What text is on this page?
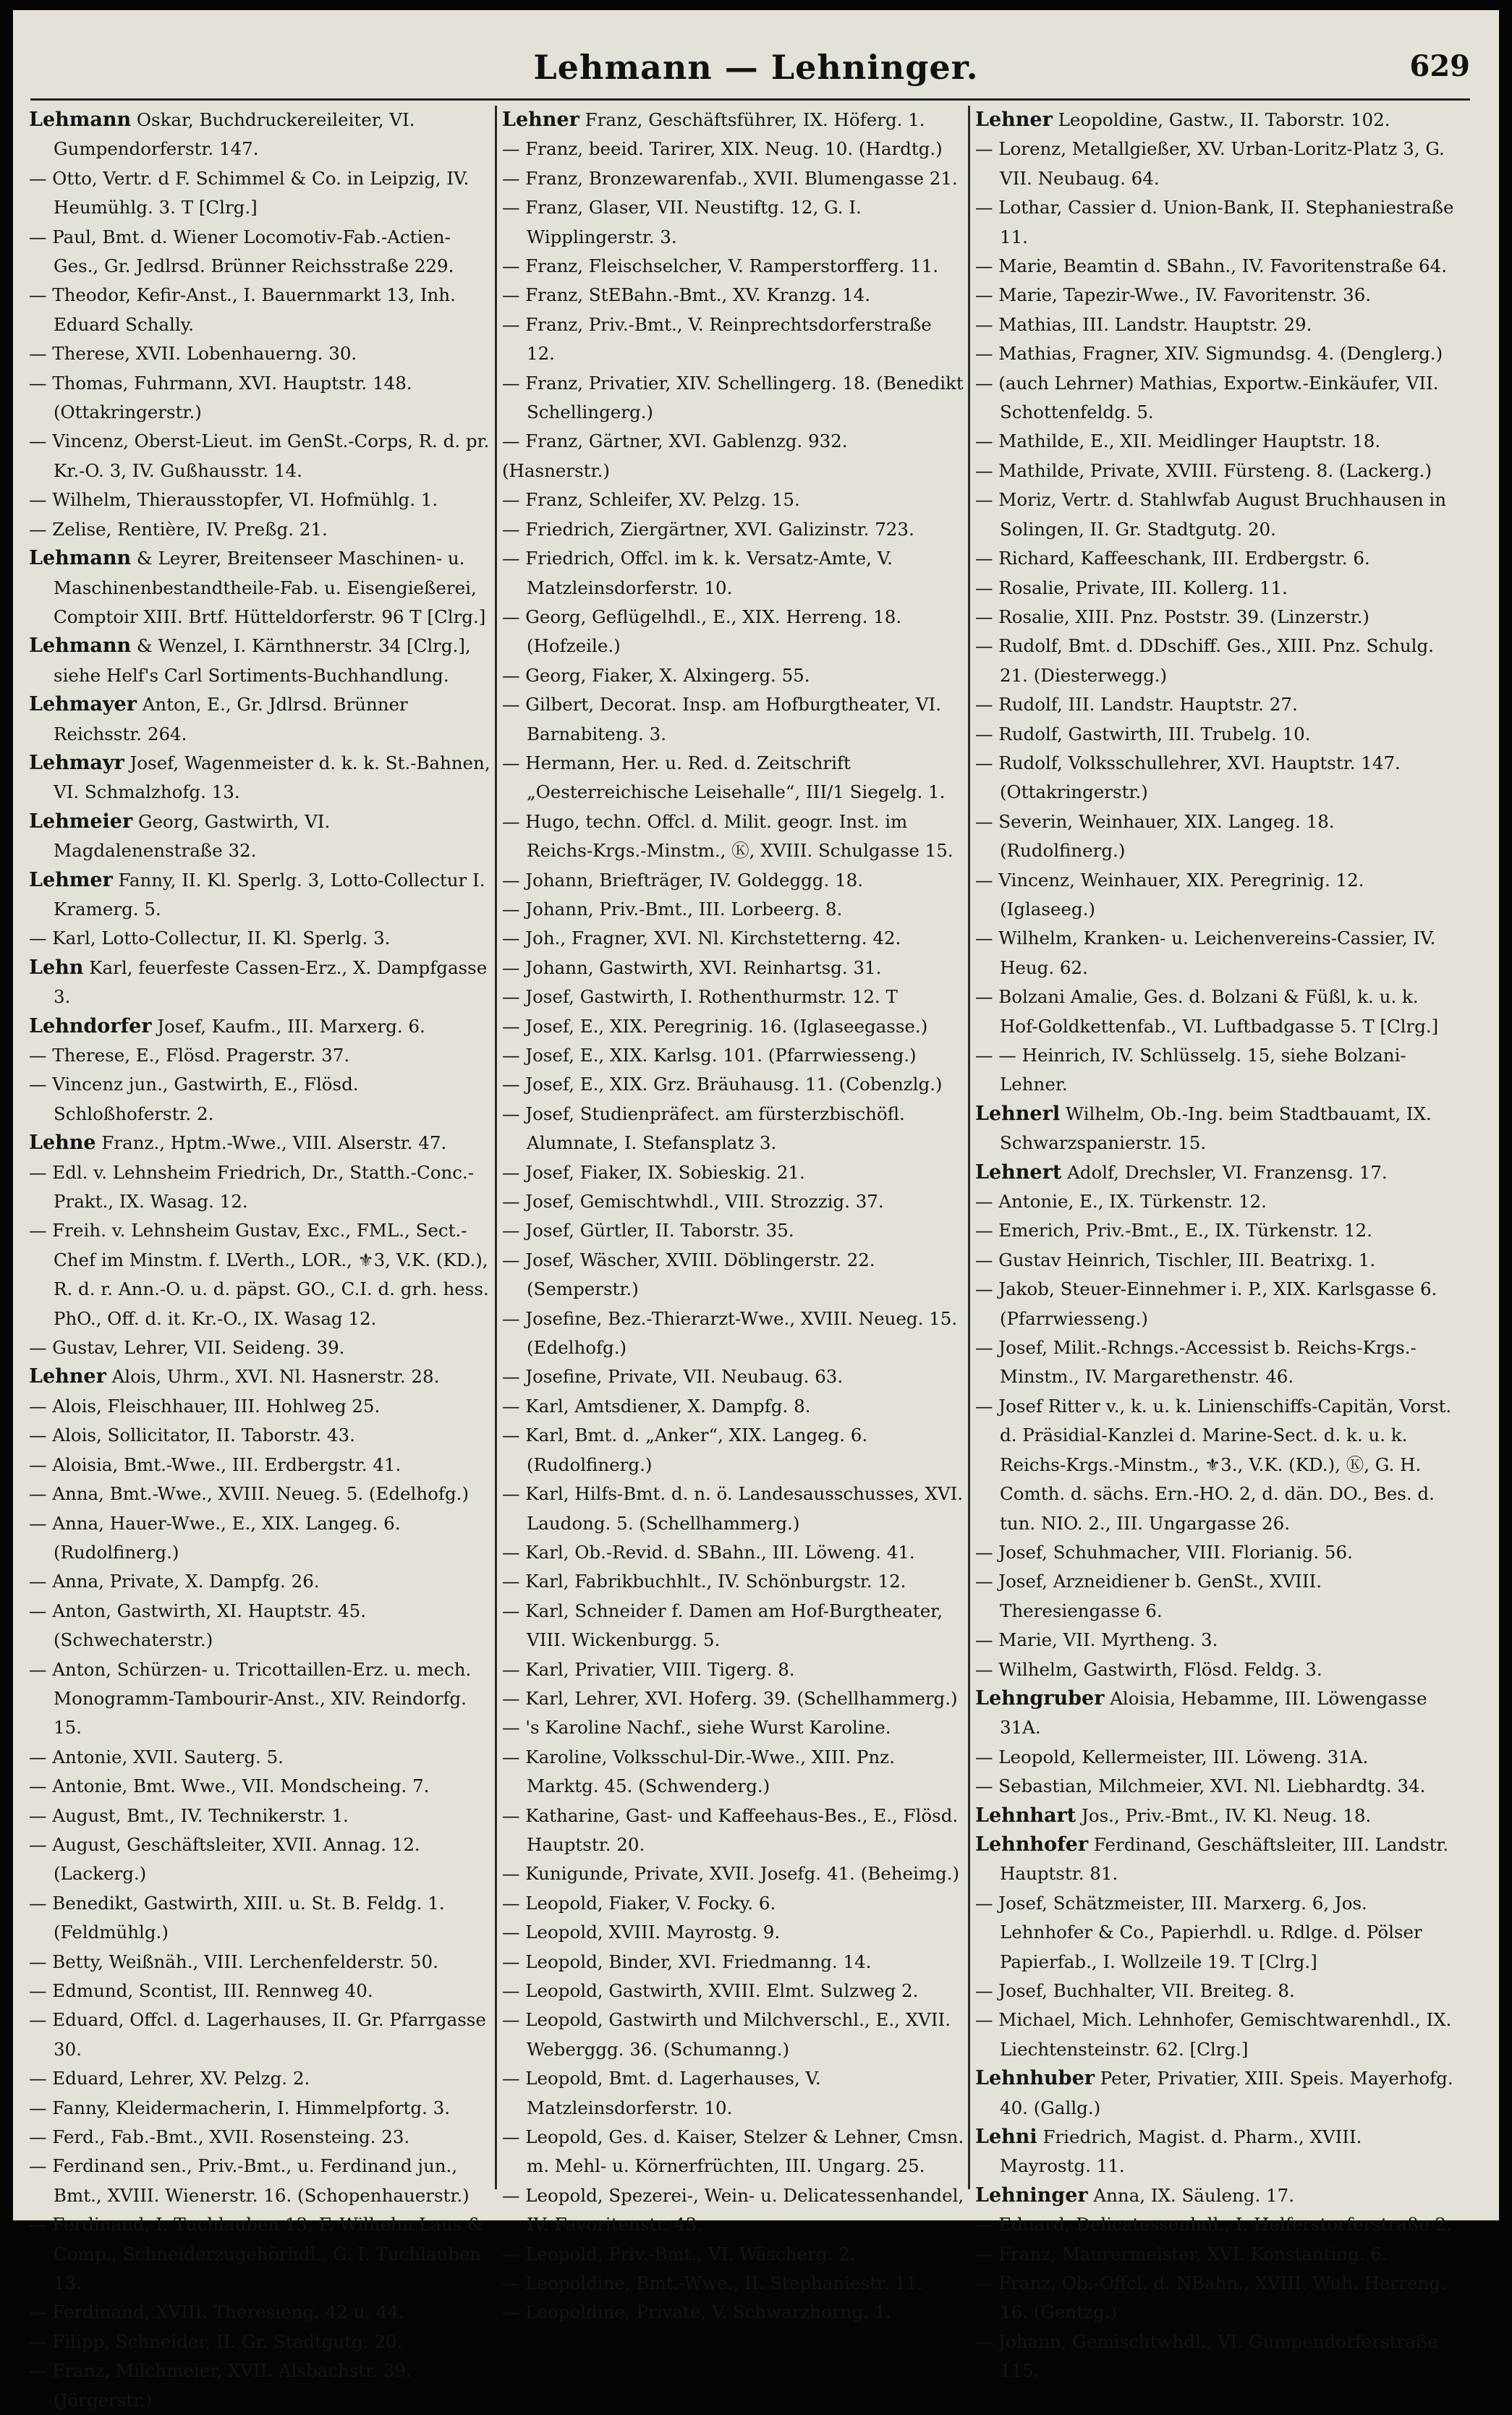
Lehmann — Lehninger.	629

Lehmann Oskar, Buchdruckereileiter, VI. Gumpendorferstr. 147.

— Otto, Vertr. d F. Schimmel & Co. in Leipzig, IV. Heumühlg. 3. T [Clrg.]

— Paul, Bmt. d. Wiener Locomotiv-Fab.-Actien-Ges., Gr. Jedlrsd. Brünner Reichsstraße 229.

— Theodor, Kefir-Anst., I. Bauernmarkt 13, Inh. Eduard Schally.

— Therese, XVII. Lobenhauerng. 30.

— Thomas, Fuhrmann, XVI. Hauptstr. 148. (Ottakringerstr.)

— Vincenz, Oberst-Lieut. im GenSt.-Corps, R. d. pr. Kr.-O. 3, IV. Gußhausstr. 14.

— Wilhelm, Thierausstopfer, VI. Hofmühlg. 1.

— Zelise, Rentière, IV. Preßg. 21.

Lehmann & Leyrer, Breitenseer Maschinen- u. Maschinenbestandtheile-Fab. u. Eisengießerei, Comptoir XIII. Brtf. Hütteldorferstr. 96 T [Clrg.]

Lehmann & Wenzel, I. Kärnthnerstr. 34 [Clrg.], siehe Helf's Carl Sortiments-Buchhandlung.

Lehmayer Anton, E., Gr. Jdlrsd. Brünner Reichsstr. 264.

Lehmayr Josef, Wagenmeister d. k. k. St.-Bahnen, VI. Schmalzhofg. 13.

Lehmeier Georg, Gastwirth, VI. Magdalenenstraße 32.

Lehmer Fanny, II. Kl. Sperlg. 3, Lotto-Collectur I. Kramerg. 5.

— Karl, Lotto-Collectur, II. Kl. Sperlg. 3.

Lehn Karl, feuerfeste Cassen-Erz., X. Dampfgasse 3.

Lehndorfer Josef, Kaufm., III. Marxerg. 6.

— Therese, E., Flösd. Pragerstr. 37.

— Vincenz jun., Gastwirth, E., Flösd. Schloßhoferstr. 2.

Lehne Franz., Hptm.-Wwe., VIII. Alserstr. 47.

— Edl. v. Lehnsheim Friedrich, Dr., Statth.-Conc.-Prakt., IX. Wasag. 12.

— Freih. v. Lehnsheim Gustav, Exc., FML., Sect.-Chef im Minstm. f. LVerth., LOR., ⚜3, V.K. (KD.), R. d. r. Ann.-O. u. d. päpst. GO., C.I. d. grh. hess. PhO., Off. d. it. Kr.-O., IX. Wasag 12.

— Gustav, Lehrer, VII. Seideng. 39.

Lehner Alois, Uhrm., XVI. Nl. Hasnerstr. 28.

— Alois, Fleischhauer, III. Hohlweg 25.

— Alois, Sollicitator, II. Taborstr. 43.

— Aloisia, Bmt.-Wwe., III. Erdbergstr. 41.

— Anna, Bmt.-Wwe., XVIII. Neueg. 5. (Edelhofg.)

— Anna, Hauer-Wwe., E., XIX. Langeg. 6. (Rudolfinerg.)

— Anna, Private, X. Dampfg. 26.

— Anton, Gastwirth, XI. Hauptstr. 45. (Schwechaterstr.)

— Anton, Schürzen- u. Tricottaillen-Erz. u. mech. Monogramm-Tambourir-Anst., XIV. Reindorfg. 15.

— Antonie, XVII. Sauterg. 5.

— Antonie, Bmt. Wwe., VII. Mondscheing. 7.

— August, Bmt., IV. Technikerstr. 1.

— August, Geschäftsleiter, XVII. Annag. 12. (Lackerg.)

— Benedikt, Gastwirth, XIII. u. St. B. Feldg. 1. (Feldmühlg.)

— Betty, Weißnäh., VIII. Lerchenfelderstr. 50.

— Edmund, Scontist, III. Rennweg 40.

— Eduard, Offcl. d. Lagerhauses, II. Gr. Pfarrgasse 30.

— Eduard, Lehrer, XV. Pelzg. 2.

— Fanny, Kleidermacherin, I. Himmelpfortg. 3.

— Ferd., Fab.-Bmt., XVII. Rosensteing. 23.

— Ferdinand sen., Priv.-Bmt., u. Ferdinand jun., Bmt., XVIII. Wienerstr. 16. (Schopenhauerstr.)

— Ferdinand, I. Tuchlauben 13, F. Wilhelm Laus & Comp., Schneiderzugehörhdl., G. I. Tuchlauben 13.

— Ferdinand, XVIII. Theresieng. 42 u. 44.

— Filipp, Schneider, II. Gr. Stadtgutg. 20.

— Franz, Milchmeier, XVII. Alsbachstr. 39. (Jörgerstr.)

Lehner Franz, Geschäftsführer, IX. Höferg. 1.

— Franz, beeid. Tarirer, XIX. Neug. 10. (Hardtg.)

— Franz, Bronzewarenfab., XVII. Blumengasse 21.

— Franz, Glaser, VII. Neustiftg. 12, G. I. Wipplingerstr. 3.

— Franz, Fleischselcher, V. Ramperstorfferg. 11.

— Franz, StEBahn.-Bmt., XV. Kranzg. 14.

— Franz, Priv.-Bmt., V. Reinprechtsdorferstraße 12.

— Franz, Privatier, XIV. Schellingerg. 18. (Benedikt Schellingerg.)

— Franz, Gärtner, XVI. Gablenzg. 932.

(Hasnerstr.)

— Franz, Schleifer, XV. Pelzg. 15.

— Friedrich, Ziergärtner, XVI. Galizinstr. 723.

— Friedrich, Offcl. im k. k. Versatz-Amte, V. Matzleinsdorferstr. 10.

— Georg, Geflügelhdl., E., XIX. Herreng. 18. (Hofzeile.)

— Georg, Fiaker, X. Alxingerg. 55.

— Gilbert, Decorat. Insp. am Hofburgtheater, VI. Barnabiteng. 3.

— Hermann, Her. u. Red. d. Zeitschrift „Oesterreichische Leisehalle“, III/1 Siegelg. 1.

— Hugo, techn. Offcl. d. Milit. geogr. Inst. im Reichs-Krgs.-Minstm., Ⓚ, XVIII. Schulgasse 15.

— Johann, Briefträger, IV. Goldeggg. 18.

— Johann, Priv.-Bmt., III. Lorbeerg. 8.

— Joh., Fragner, XVI. Nl. Kirchstetterng. 42.

— Johann, Gastwirth, XVI. Reinhartsg. 31.

— Josef, Gastwirth, I. Rothenthurmstr. 12. T

— Josef, E., XIX. Peregrinig. 16. (Iglaseegasse.)

— Josef, E., XIX. Karlsg. 101. (Pfarrwiesseng.)

— Josef, E., XIX. Grz. Bräuhausg. 11. (Cobenzlg.)

— Josef, Studienpräfect. am fürsterzbischöfl. Alumnate, I. Stefansplatz 3.

— Josef, Fiaker, IX. Sobieskig. 21.

— Josef, Gemischtwhdl., VIII. Strozzig. 37.

— Josef, Gürtler, II. Taborstr. 35.

— Josef, Wäscher, XVIII. Döblingerstr. 22. (Semperstr.)

— Josefine, Bez.-Thierarzt-Wwe., XVIII. Neueg. 15. (Edelhofg.)

— Josefine, Private, VII. Neubaug. 63.

— Karl, Amtsdiener, X. Dampfg. 8.

— Karl, Bmt. d. „Anker“, XIX. Langeg. 6. (Rudolfinerg.)

— Karl, Hilfs-Bmt. d. n. ö. Landesausschusses, XVI. Laudong. 5. (Schellhammerg.)

— Karl, Ob.-Revid. d. SBahn., III. Löweng. 41.

— Karl, Fabrikbuchhlt., IV. Schönburgstr. 12.

— Karl, Schneider f. Damen am Hof-Burgtheater, VIII. Wickenburgg. 5.

— Karl, Privatier, VIII. Tigerg. 8.

— Karl, Lehrer, XVI. Hoferg. 39. (Schellhammerg.)

— 's Karoline Nachf., siehe Wurst Karoline.

— Karoline, Volksschul-Dir.-Wwe., XIII. Pnz. Marktg. 45. (Schwenderg.)

— Katharine, Gast- und Kaffeehaus-Bes., E., Flösd. Hauptstr. 20.

— Kunigunde, Private, XVII. Josefg. 41. (Beheimg.)

— Leopold, Fiaker, V. Focky. 6.

— Leopold, XVIII. Mayrostg. 9.

— Leopold, Binder, XVI. Friedmanng. 14.

— Leopold, Gastwirth, XVIII. Elmt. Sulzweg 2.

— Leopold, Gastwirth und Milchverschl., E., XVII. Weberggg. 36. (Schumanng.)

— Leopold, Bmt. d. Lagerhauses, V. Matzleinsdorferstr. 10.

— Leopold, Ges. d. Kaiser, Stelzer & Lehner, Cmsn. m. Mehl- u. Körnerfrüchten, III. Ungarg. 25.

— Leopold, Spezerei-, Wein- u. Delicatessenhandel, IV. Favoritenstr. 43.

— Leopold, Priv.-Bmt., VI. Wäscherg. 2.

— Leopoldine, Bmt.-Wwe., II. Stephaniestr. 11.

— Leopoldine, Private, V. Schwarzhorng. 1.

Lehner Leopoldine, Gastw., II. Taborstr. 102.

— Lorenz, Metallgießer, XV. Urban-Loritz-Platz 3, G. VII. Neubaug. 64.

— Lothar, Cassier d. Union-Bank, II. Stephaniestraße 11.

— Marie, Beamtin d. SBahn., IV. Favoritenstraße 64.

— Marie, Tapezir-Wwe., IV. Favoritenstr. 36.

— Mathias, III. Landstr. Hauptstr. 29.

— Mathias, Fragner, XIV. Sigmundsg. 4. (Denglerg.)

— (auch Lehrner) Mathias, Exportw.-Einkäufer, VII. Schottenfeldg. 5.

— Mathilde, E., XII. Meidlinger Hauptstr. 18.

— Mathilde, Private, XVIII. Fürsteng. 8. (Lackerg.)

— Moriz, Vertr. d. Stahlwfab August Bruchhausen in Solingen, II. Gr. Stadtgutg. 20.

— Richard, Kaffeeschank, III. Erdbergstr. 6.

— Rosalie, Private, III. Kollerg. 11.

— Rosalie, XIII. Pnz. Poststr. 39. (Linzerstr.)

— Rudolf, Bmt. d. DDschiff. Ges., XIII. Pnz. Schulg. 21. (Diesterwegg.)

— Rudolf, III. Landstr. Hauptstr. 27.

— Rudolf, Gastwirth, III. Trubelg. 10.

— Rudolf, Volksschullehrer, XVI. Hauptstr. 147. (Ottakringerstr.)

— Severin, Weinhauer, XIX. Langeg. 18. (Rudolfinerg.)

— Vincenz, Weinhauer, XIX. Peregrinig. 12. (Iglaseeg.)

— Wilhelm, Kranken- u. Leichenvereins-Cassier, IV. Heug. 62.

— Bolzani Amalie, Ges. d. Bolzani & Füßl, k. u. k. Hof-Goldkettenfab., VI. Luftbadgasse 5. T [Clrg.]

— — Heinrich, IV. Schlüsselg. 15, siehe Bolzani-Lehner.

Lehnerl Wilhelm, Ob.-Ing. beim Stadtbauamt, IX. Schwarzspanierstr. 15.

Lehnert Adolf, Drechsler, VI. Franzensg. 17.

— Antonie, E., IX. Türkenstr. 12.

— Emerich, Priv.-Bmt., E., IX. Türkenstr. 12.

— Gustav Heinrich, Tischler, III. Beatrixg. 1.

— Jakob, Steuer-Einnehmer i. P., XIX. Karlsgasse 6. (Pfarrwiesseng.)

— Josef, Milit.-Rchngs.-Accessist b. Reichs-Krgs.-Minstm., IV. Margarethenstr. 46.

— Josef Ritter v., k. u. k. Linienschiffs-Capitän, Vorst. d. Präsidial-Kanzlei d. Marine-Sect. d. k. u. k. Reichs-Krgs.-Minstm., ⚜3., V.K. (KD.), Ⓚ, G. H. Comth. d. sächs. Ern.-HO. 2, d. dän. DO., Bes. d. tun. NIO. 2., III. Ungargasse 26.

— Josef, Schuhmacher, VIII. Florianig. 56.

— Josef, Arzneidiener b. GenSt., XVIII. Theresiengasse 6.

— Marie, VII. Myrtheng. 3.

— Wilhelm, Gastwirth, Flösd. Feldg. 3.

Lehngruber Aloisia, Hebamme, III. Löwengasse 31A.

— Leopold, Kellermeister, III. Löweng. 31A.

— Sebastian, Milchmeier, XVI. Nl. Liebhardtg. 34.

Lehnhart Jos., Priv.-Bmt., IV. Kl. Neug. 18.

Lehnhofer Ferdinand, Geschäftsleiter, III. Landstr. Hauptstr. 81.

— Josef, Schätzmeister, III. Marxerg. 6, Jos. Lehnhofer & Co., Papierhdl. u. Rdlge. d. Pölser Papierfab., I. Wollzeile 19. T [Clrg.]

— Josef, Buchhalter, VII. Breiteg. 8.

— Michael, Mich. Lehnhofer, Gemischtwarenhdl., IX. Liechtensteinstr. 62. [Clrg.]

Lehnhuber Peter, Privatier, XIII. Speis. Mayerhofg. 40. (Gallg.)

Lehni Friedrich, Magist. d. Pharm., XVIII. Mayrostg. 11.

Lehninger Anna, IX. Säuleng. 17.

— Eduard, Delicatessenhdl., I. Helferstorferstraße 2.

— Franz, Maurermeister, XVI. Konstanting. 6.

— Franz, Ob.-Offcl. d. NBahn., XVIII. Wuh. Herreng. 16. (Gentzg.)

— Johann, Gemischtwhdl., VI. Gumpendorferstraße 115.
